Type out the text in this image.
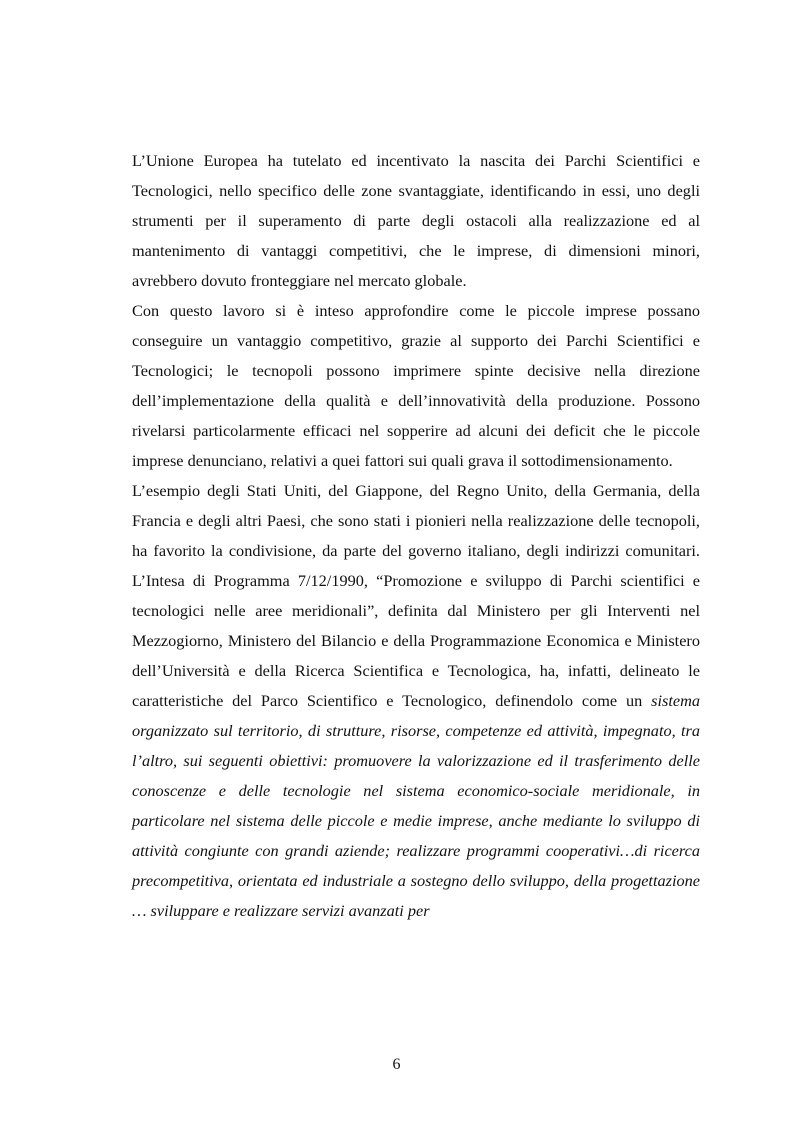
L’Unione Europea ha tutelato ed incentivato la nascita dei Parchi Scientifici e Tecnologici, nello specifico delle zone svantaggiate, identificando in essi, uno degli strumenti per il superamento di parte degli ostacoli alla realizzazione ed al mantenimento di vantaggi competitivi, che le imprese, di dimensioni minori, avrebbero dovuto fronteggiare nel mercato globale.

Con questo lavoro si è inteso approfondire come le piccole imprese possano conseguire un vantaggio competitivo, grazie al supporto dei Parchi Scientifici e Tecnologici; le tecnopoli possono imprimere spinte decisive nella direzione dell’implementazione della qualità e dell’innovatività della produzione. Possono rivelarsi particolarmente efficaci nel sopperire ad alcuni dei deficit che le piccole imprese denunciano, relativi a quei fattori sui quali grava il sottodimensionamento.

L’esempio degli Stati Uniti, del Giappone, del Regno Unito, della Germania, della Francia e degli altri Paesi, che sono stati i pionieri nella realizzazione delle tecnopoli, ha favorito la condivisione, da parte del governo italiano, degli indirizzi comunitari. L’Intesa di Programma 7/12/1990, “Promozione e sviluppo di Parchi scientifici e tecnologici nelle aree meridionali”, definita dal Ministero per gli Interventi nel Mezzogiorno, Ministero del Bilancio e della Programmazione Economica e Ministero dell’Università e della Ricerca Scientifica e Tecnologica, ha, infatti, delineato le caratteristiche del Parco Scientifico e Tecnologico, definendolo come un sistema organizzato sul territorio, di strutture, risorse, competenze ed attività, impegnato, tra l’altro, sui seguenti obiettivi: promuovere la valorizzazione ed il trasferimento delle conoscenze e delle tecnologie nel sistema economico-sociale meridionale, in particolare nel sistema delle piccole e medie imprese, anche mediante lo sviluppo di attività congiunte con grandi aziende; realizzare programmi cooperativi…di ricerca precompetitiva, orientata ed industriale a sostegno dello sviluppo, della progettazione … sviluppare e realizzare servizi avanzati per

6
